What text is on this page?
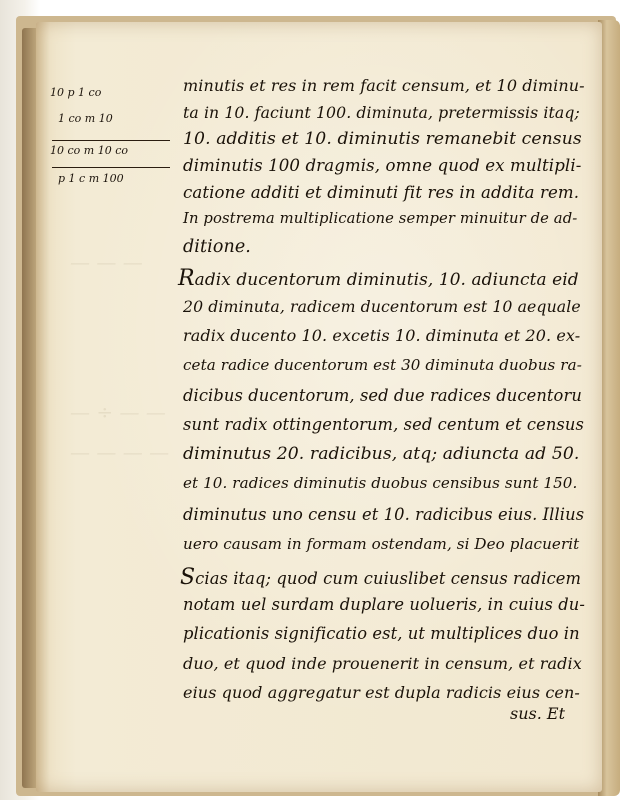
10 p 1 co
1 co m 10
10 co m 10 co
p 1 c m 100
minutis et res in rem facit censum, et 10 diminu-
ta in 10. faciunt 100. diminuta, pretermissis itaq;
10. additis et 10. diminutis remanebit census
diminutis 100 dragmis, omne quod ex multipli-
catione additi et diminuti fit res in addita rem.
In postrema multiplicatione semper minuitur de ad-
ditione.
Radix ducentorum diminutis, 10. adiuncta eid
20 diminuta, radicem ducentorum est 10 aequale
radix ducento 10. excetis 10. diminuta et 20. ex-
ceta radice ducentorum est 30 diminuta duobus ra-
dicibus ducentorum, sed due radices ducentoru
sunt radix ottingentorum, sed centum et census
diminutus 20. radicibus, atq; adiuncta ad 50.
et 10. radices diminutis duobus censibus sunt 150.
diminutus uno censu et 10. radicibus eius. Illius
uero causam in formam ostendam, si Deo placuerit
Scias itaq; quod cum cuiuslibet census radicem
notam uel surdam duplare uolueris, in cuius du-
plicationis significatio est, ut multiplices duo in
duo, et quod inde prouenerit in censum, et radix
eius quod aggregatur est dupla radicis eius cen-
sus. Et
